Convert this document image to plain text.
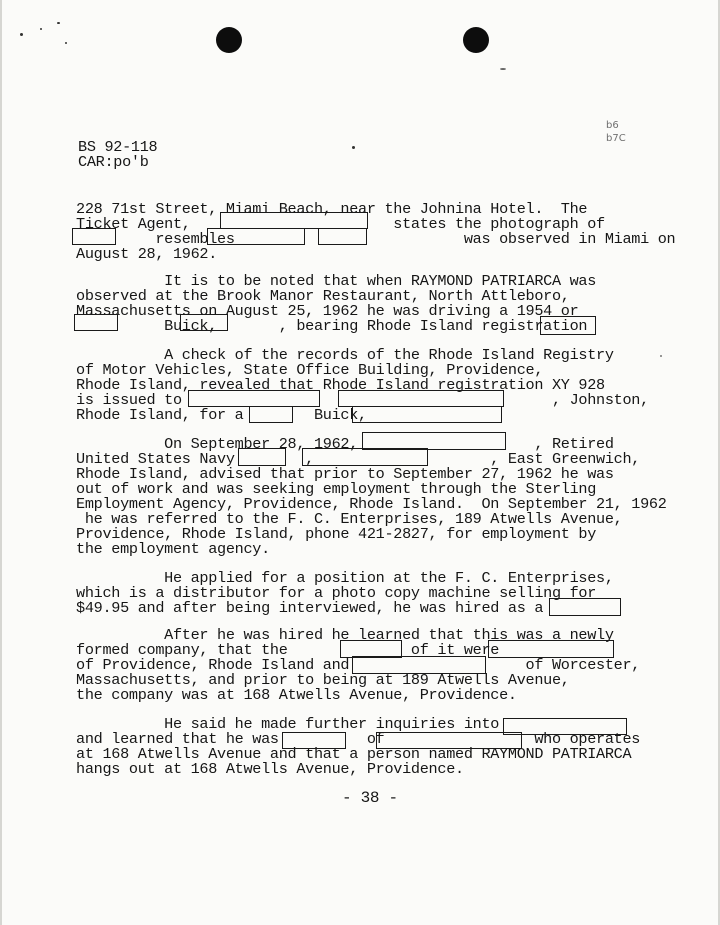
b6
b7C
BS 92-118
CAR:po'b
228 71st Street, Miami Beach, near the Johnina Hotel.  The
Ticket Agent,                       states the photograph of
resembles                          was observed in Miami on
August 28, 1962.
It is to be noted that when RAYMOND PATRIARCA was
observed at the Brook Manor Restaurant, North Attleboro,
Massachusetts on August 25, 1962 he was driving a 1954 or
Buick,       , bearing Rhode Island registration
A check of the records of the Rhode Island Registry
of Motor Vehicles, State Office Building, Providence,
Rhode Island, revealed that Rhode Island registration XY 928
is issued to                                          , Johnston,
Rhode Island, for a        Buick,
On September 28, 1962,                    , Retired
United States Navy        ,                    , East Greenwich,
Rhode Island, advised that prior to September 27, 1962 he was
out of work and was seeking employment through the Sterling
Employment Agency, Providence, Rhode Island.  On September 21, 1962
he was referred to the F. C. Enterprises, 189 Atwells Avenue,
Providence, Rhode Island, phone 421-2827, for employment by
the employment agency.
He applied for a position at the F. C. Enterprises,
which is a distributor for a photo copy machine selling for
$49.95 and after being interviewed, he was hired as a
After he was hired he learned that this was a newly
formed company, that the              of it were
of Providence, Rhode Island and                    of Worcester,
Massachusetts, and prior to being at 189 Atwells Avenue,
the company was at 168 Atwells Avenue, Providence.
He said he made further inquiries into
and learned that he was          of                 who operates
at 168 Atwells Avenue and that a person named RAYMOND PATRIARCA
hangs out at 168 Atwells Avenue, Providence.
- 38 -
